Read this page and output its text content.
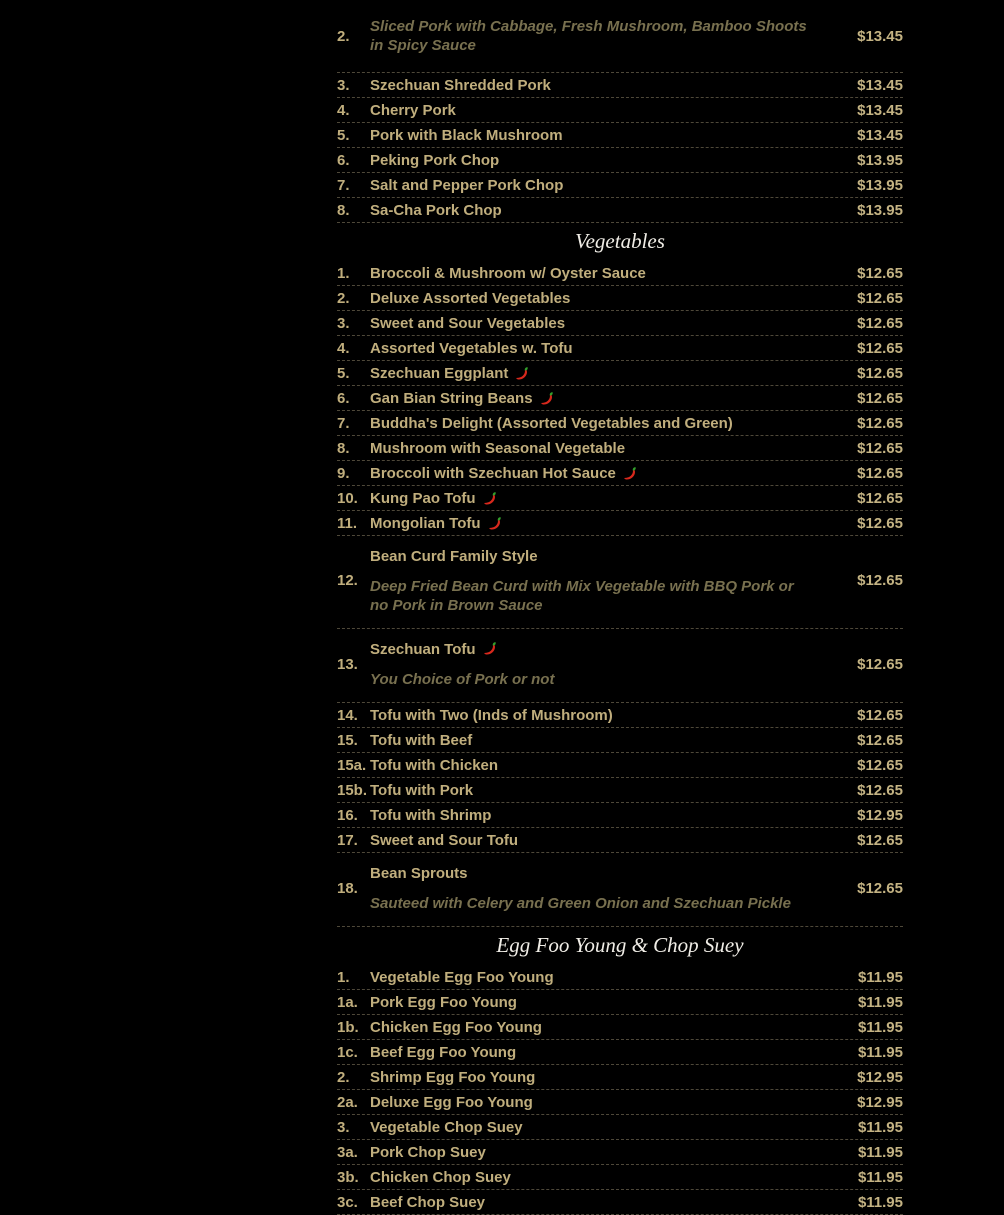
2.
Sliced Pork with Cabbage, Fresh Mushroom, Bamboo Shoots in Spicy Sauce
$13.45
3.	Szechuan Shredded Pork	$13.45
4.	Cherry Pork	$13.45
5.	Pork with Black Mushroom	$13.45
6.	Peking Pork Chop	$13.95
7.	Salt and Pepper Pork Chop	$13.95
8.	Sa-Cha Pork Chop	$13.95
Vegetables
1.	Broccoli & Mushroom w/ Oyster Sauce	$12.65
2.	Deluxe Assorted Vegetables	$12.65
3.	Sweet and Sour Vegetables	$12.65
4.	Assorted Vegetables w. Tofu	$12.65
5.	Szechuan Eggplant	$12.65
6.	Gan Bian String Beans	$12.65
7.	Buddha's Delight (Assorted Vegetables and Green)	$12.65
8.	Mushroom with Seasonal Vegetable	$12.65
9.	Broccoli with Szechuan Hot Sauce	$12.65
10. Kung Pao Tofu	$12.65
11. Mongolian Tofu	$12.65
12.
Bean Curd Family Style
Deep Fried Bean Curd with Mix Vegetable with BBQ Pork or no Pork in Brown Sauce
$12.65
13.
Szechuan Tofu
You Choice of Pork or not
$12.65
14. Tofu with Two (Inds of Mushroom)	$12.65
15. Tofu with Beef	$12.65
15a. Tofu with Chicken	$12.65
15b. Tofu with Pork	$12.65
16. Tofu with Shrimp	$12.95
17. Sweet and Sour Tofu	$12.65
18.
Bean Sprouts
Sauteed with Celery and Green Onion and Szechuan Pickle
$12.65
Egg Foo Young & Chop Suey
1.	Vegetable Egg Foo Young	$11.95
1a. Pork Egg Foo Young	$11.95
1b. Chicken Egg Foo Young	$11.95
1c. Beef Egg Foo Young	$11.95
2.	Shrimp Egg Foo Young	$12.95
2a. Deluxe Egg Foo Young	$12.95
3.	Vegetable Chop Suey	$11.95
3a. Pork Chop Suey	$11.95
3b. Chicken Chop Suey	$11.95
3c. Beef Chop Suey	$11.95
